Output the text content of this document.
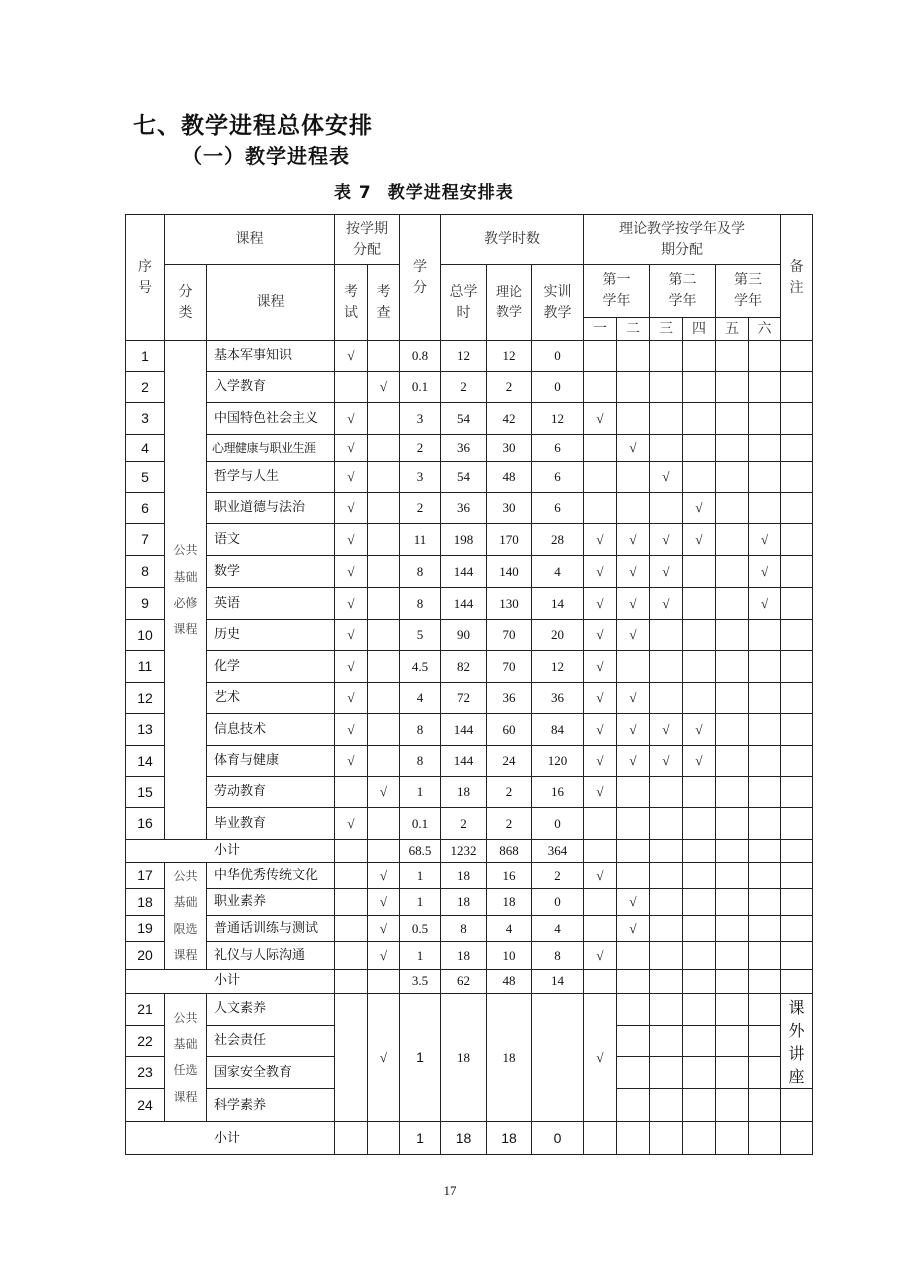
七、教学进程总体安排
（一）教学进程表
表 7 教学进程安排表
序号	课程		按学期分配		学分	教学时数			理论教学按学年及学期分配						备注
	分类	课程	考试	考查		总学时	理论教学	实训教学	第一学年		第二学年		第三学年		
									一	二	三	四	五	六	
1	公共基础必修课程	基本军事知识	√		0.8	12	12	0							
2		入学教育		√	0.1	2	2	0							
3		中国特色社会主义	√		3	54	42	12	√						
4		心理健康与职业生涯	√		2	36	30	6		√					
5		哲学与人生	√		3	54	48	6			√				
6		职业道德与法治	√		2	36	30	6				√			
7		语文	√		11	198	170	28	√	√	√	√		√	
8		数学	√		8	144	140	4	√	√	√			√	
9		英语	√		8	144	130	14	√	√	√			√	
10		历史	√		5	90	70	20	√	√					
11		化学	√		4.5	82	70	12	√						
12		艺术	√		4	72	36	36	√	√					
13		信息技术	√		8	144	60	84	√	√	√	√			
14		体育与健康	√		8	144	24	120	√	√	√	√			
15		劳动教育		√	1	18	2	16	√						
16		毕业教育	√		0.1	2	2	0							
小计					68.5	1232	868	364							
17	公共基础限选课程	中华优秀传统文化		√	1	18	16	2	√						
18		职业素养		√	1	18	18	0		√					
19		普通话训练与测试		√	0.5	8	4	4		√					
20		礼仪与人际沟通		√	1	18	10	8	√						
小计					3.5	62	48	14							
21	公共基础任选课程	人文素养		√	1	18	18		√						课外讲座
22		社会责任													
23		国家安全教育													
24		科学素养													
小计					1	18	18	0							
17
